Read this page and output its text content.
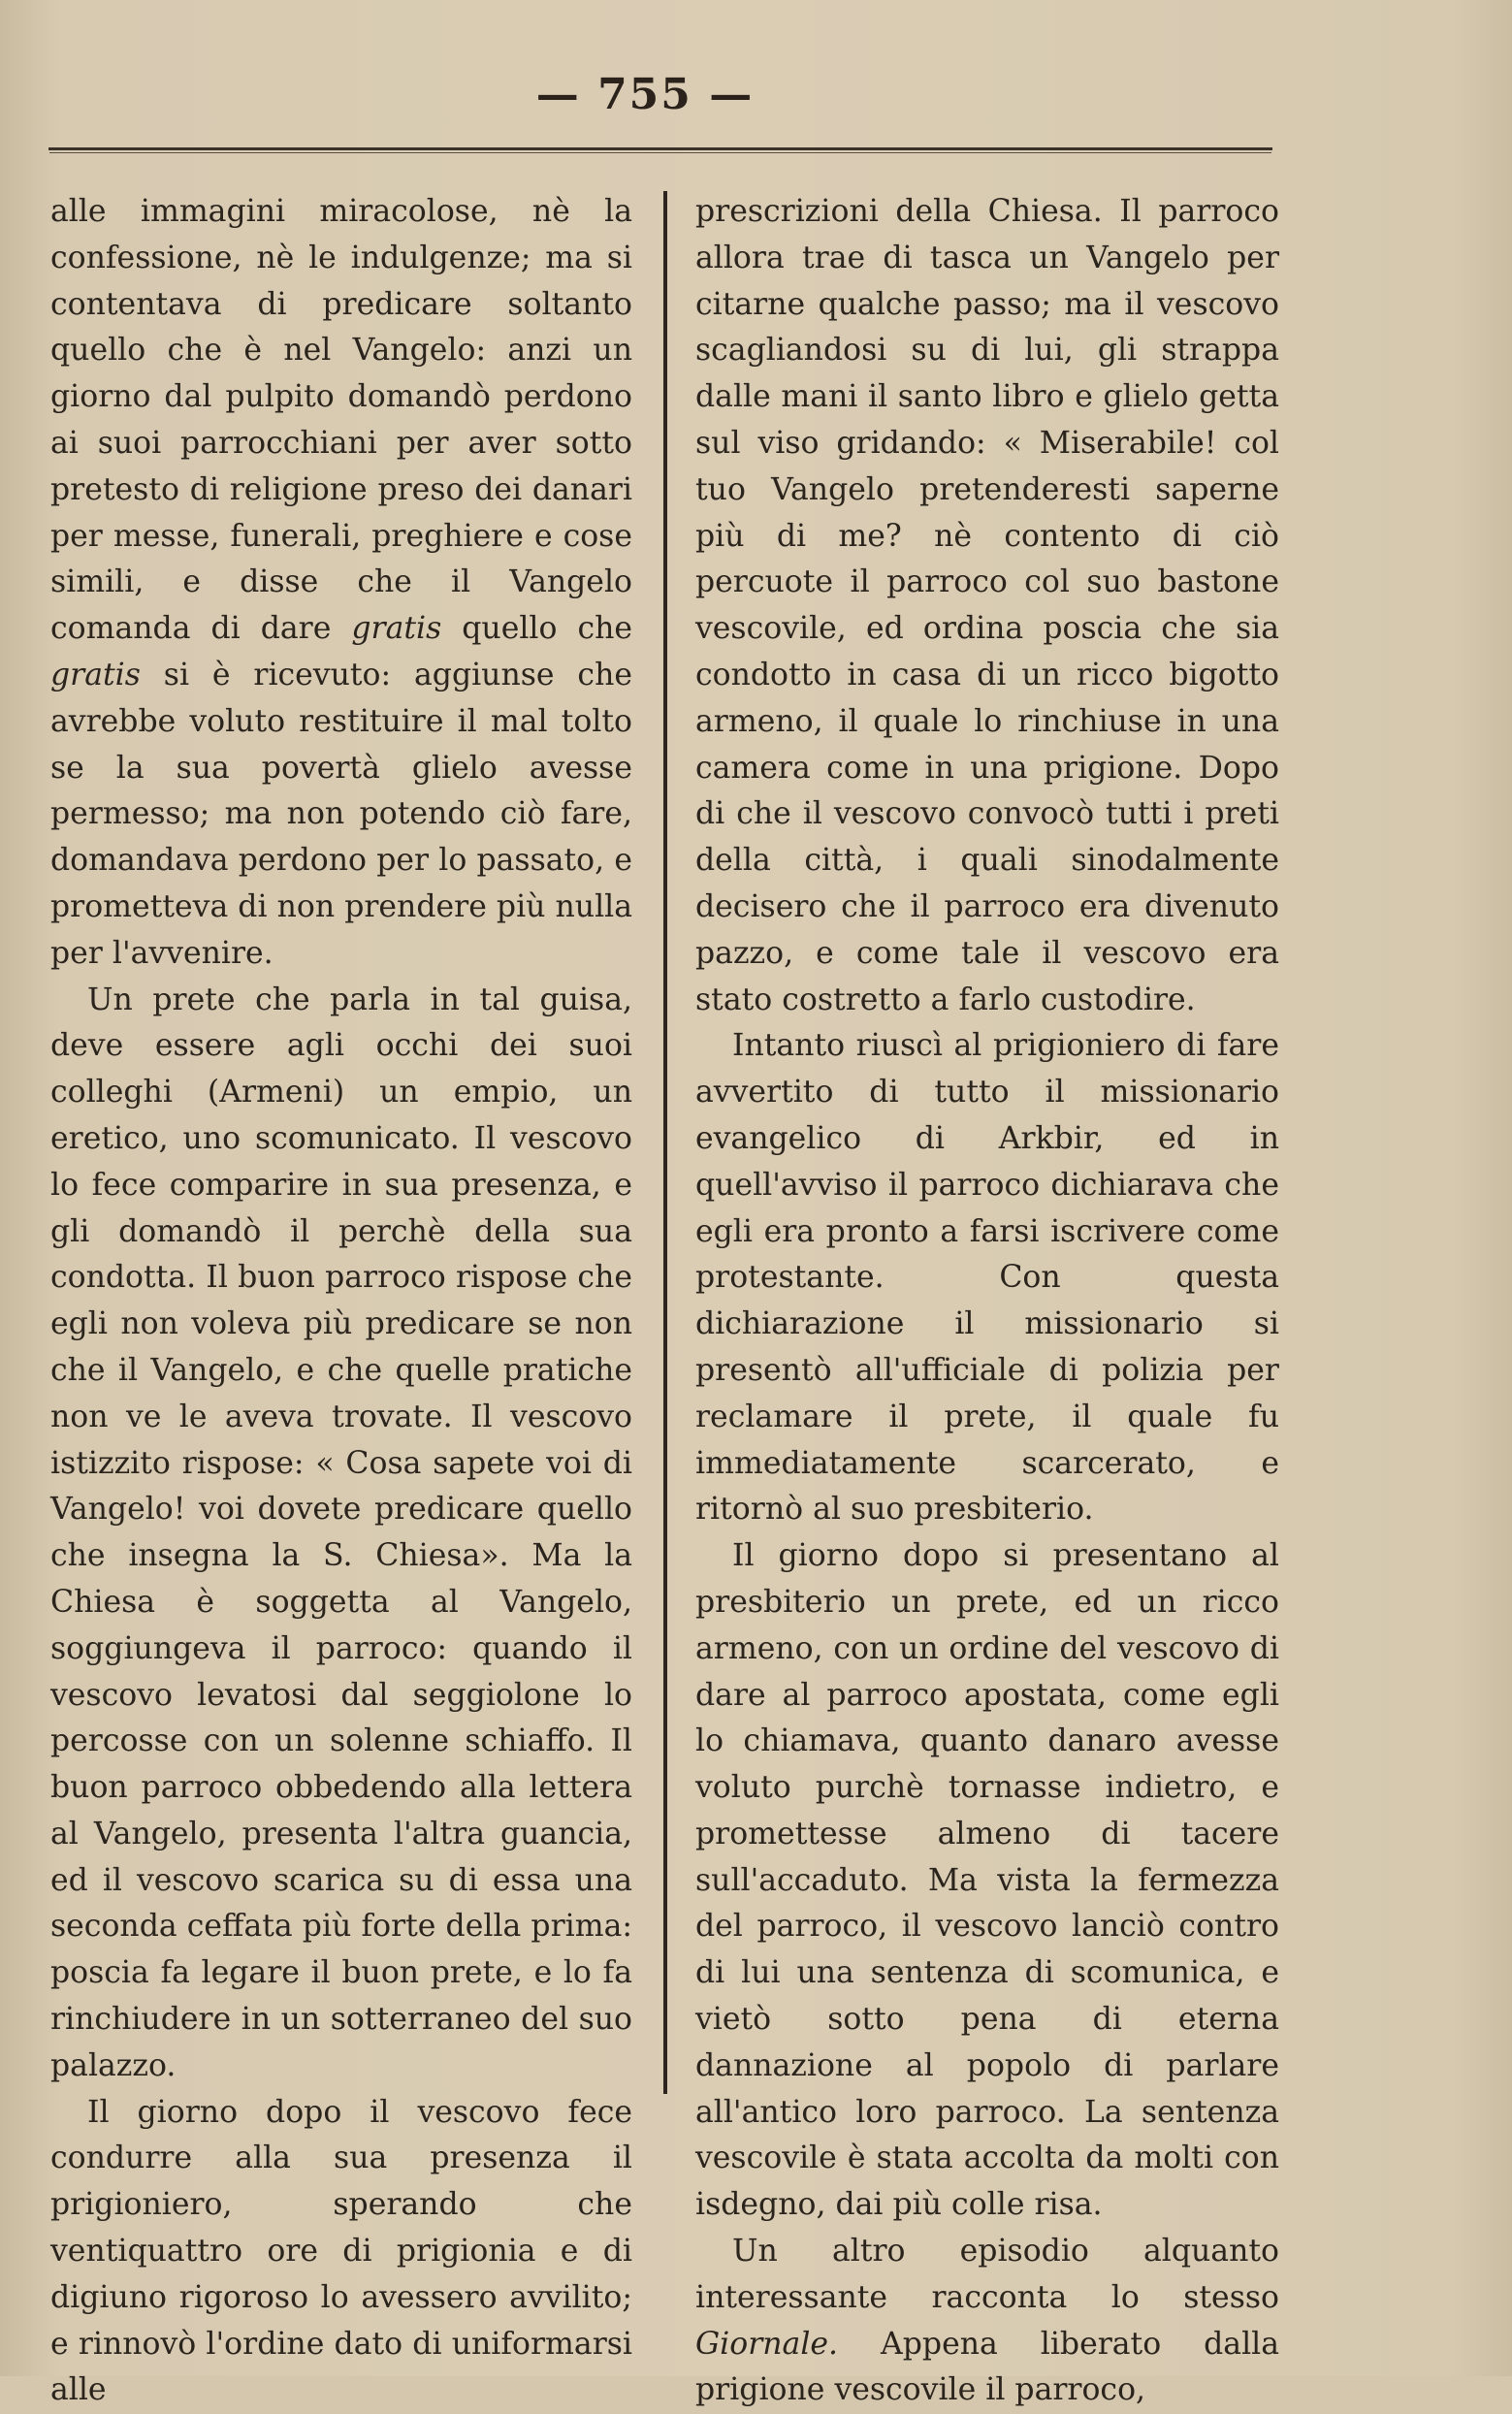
— 755 —

alle immagini miracolose, nè la confessione, nè le indulgenze; ma si contentava di predicare soltanto quello che è nel Vangelo: anzi un giorno dal pulpito domandò perdono ai suoi parrocchiani per aver sotto pretesto di religione preso dei danari per messe, funerali, preghiere e cose simili, e disse che il Vangelo comanda di dare gratis quello che gratis si è ricevuto: aggiunse che avrebbe voluto restituire il mal tolto se la sua povertà glielo avesse permesso; ma non potendo ciò fare, domandava perdono per lo passato, e prometteva di non prendere più nulla per l'avvenire.

Un prete che parla in tal guisa, deve essere agli occhi dei suoi colleghi (Armeni) un empio, un eretico, uno scomunicato. Il vescovo lo fece comparire in sua presenza, e gli domandò il perchè della sua condotta. Il buon parroco rispose che egli non voleva più predicare se non che il Vangelo, e che quelle pratiche non ve le aveva trovate. Il vescovo istizzito rispose: « Cosa sapete voi di Vangelo! voi dovete predicare quello che insegna la S. Chiesa». Ma la Chiesa è soggetta al Vangelo, soggiungeva il parroco: quando il vescovo levatosi dal seggiolone lo percosse con un solenne schiaffo. Il buon parroco obbedendo alla lettera al Vangelo, presenta l'altra guancia, ed il vescovo scarica su di essa una seconda ceffata più forte della prima: poscia fa legare il buon prete, e lo fa rinchiudere in un sotterraneo del suo palazzo.

Il giorno dopo il vescovo fece condurre alla sua presenza il prigioniero, sperando che ventiquattro ore di prigionia e di digiuno rigoroso lo avessero avvilito; e rinnovò l'ordine dato di uniformarsi alle

prescrizioni della Chiesa. Il parroco allora trae di tasca un Vangelo per citarne qualche passo; ma il vescovo scagliandosi su di lui, gli strappa dalle mani il santo libro e glielo getta sul viso gridando: « Miserabile! col tuo Vangelo pretenderesti saperne più di me? nè contento di ciò percuote il parroco col suo bastone vescovile, ed ordina poscia che sia condotto in casa di un ricco bigotto armeno, il quale lo rinchiuse in una camera come in una prigione. Dopo di che il vescovo convocò tutti i preti della città, i quali sinodalmente decisero che il parroco era divenuto pazzo, e come tale il vescovo era stato costretto a farlo custodire.

Intanto riuscì al prigioniero di fare avvertito di tutto il missionario evangelico di Arkbir, ed in quell'avviso il parroco dichiarava che egli era pronto a farsi iscrivere come protestante. Con questa dichiarazione il missionario si presentò all'ufficiale di polizia per reclamare il prete, il quale fu immediatamente scarcerato, e ritornò al suo presbiterio.

Il giorno dopo si presentano al presbiterio un prete, ed un ricco armeno, con un ordine del vescovo di dare al parroco apostata, come egli lo chiamava, quanto danaro avesse voluto purchè tornasse indietro, e promettesse almeno di tacere sull'accaduto. Ma vista la fermezza del parroco, il vescovo lanciò contro di lui una sentenza di scomunica, e vietò sotto pena di eterna dannazione al popolo di parlare all'antico loro parroco. La sentenza vescovile è stata accolta da molti con isdegno, dai più colle risa.

Un altro episodio alquanto interessante racconta lo stesso Giornale. Appena liberato dalla prigione vescovile il parroco,
